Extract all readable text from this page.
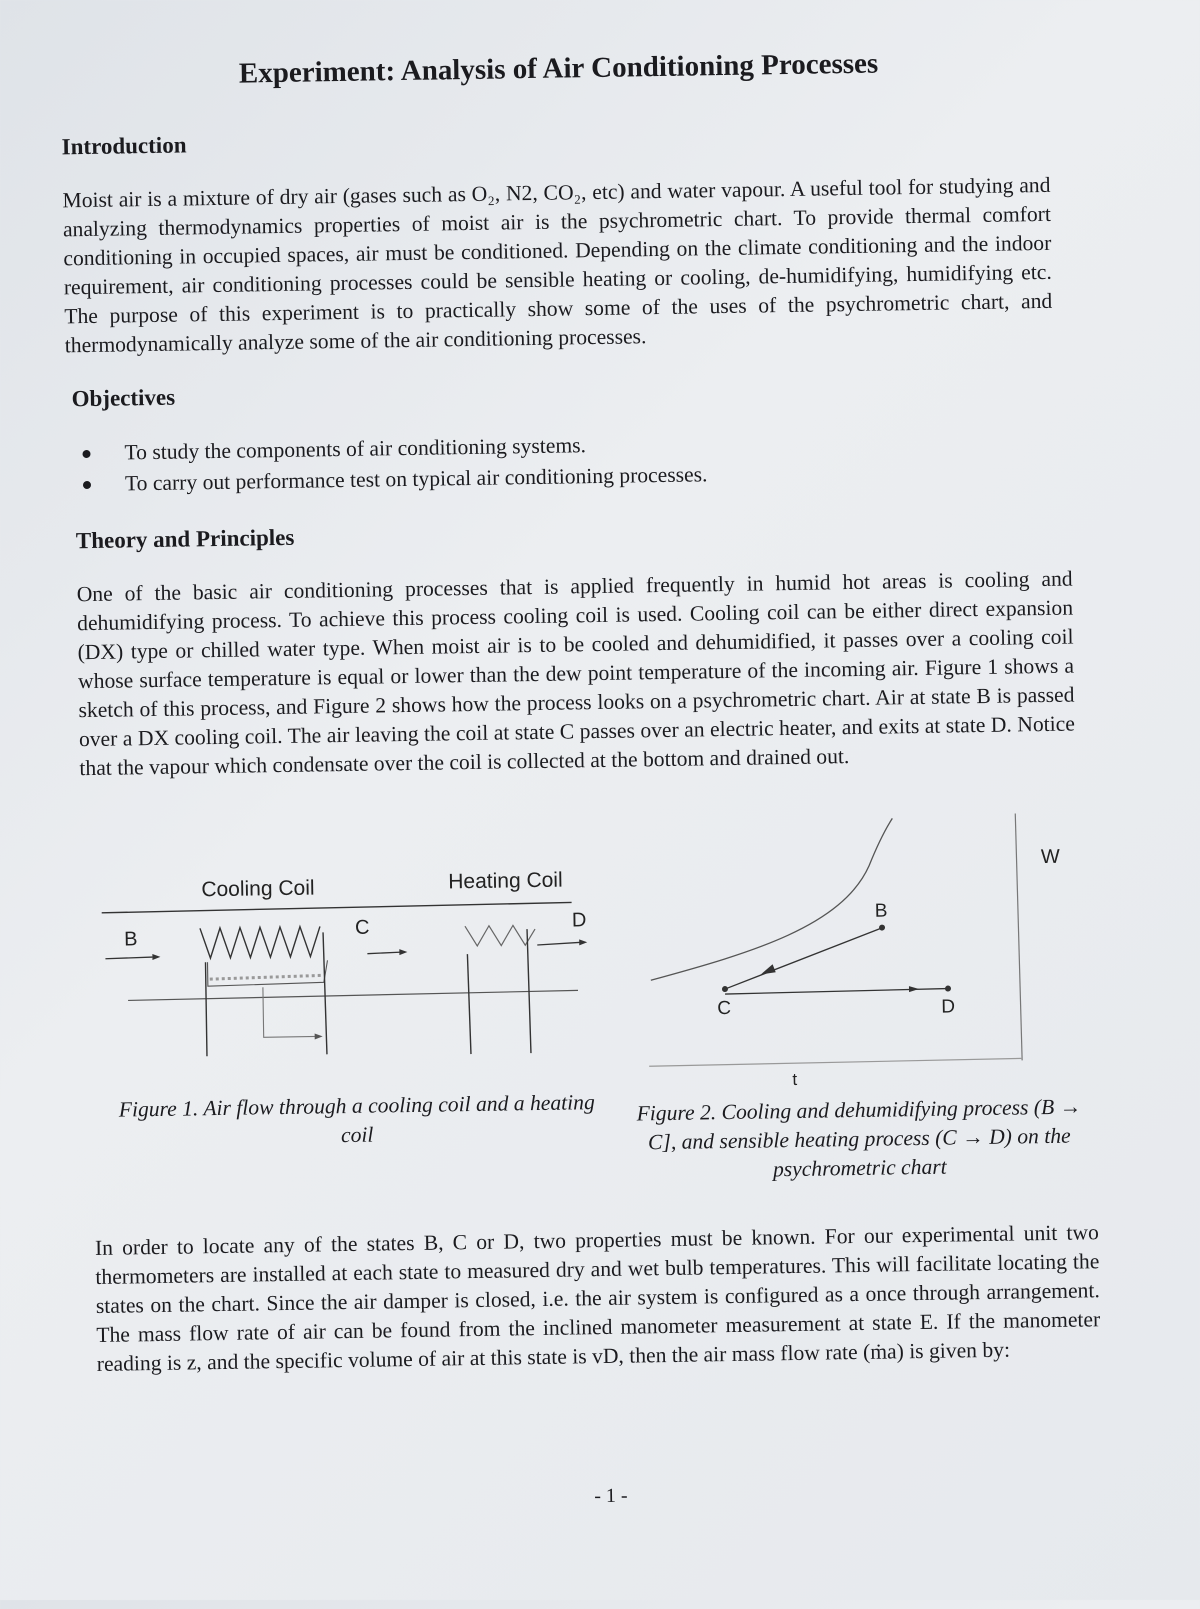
Experiment: Analysis of Air Conditioning Processes
Introduction

Moist air is a mixture of dry air (gases such as O₂, N2, CO₂, etc) and water vapour. A useful tool for studying and analyzing thermodynamics properties of moist air is the psychrometric chart. To provide thermal comfort conditioning in occupied spaces, air must be conditioned. Depending on the climate conditioning and the indoor requirement, air conditioning processes could be sensible heating or cooling, de-humidifying, humidifying etc. The purpose of this experiment is to practically show some of the uses of the psychrometric chart, and thermodynamically analyze some of the air conditioning processes.

Objectives
To study the components of air conditioning systems.
To carry out performance test on typical air conditioning processes.
Theory and Principles

One of the basic air conditioning processes that is applied frequently in humid hot areas is cooling and dehumidifying process. To achieve this process cooling coil is used. Cooling coil can be either direct expansion (DX) type or chilled water type. When moist air is to be cooled and dehumidified, it passes over a cooling coil whose surface temperature is equal or lower than the dew point temperature of the incoming air. Figure 1 shows a sketch of this process, and Figure 2 shows how the process looks on a psychrometric chart. Air at state B is passed over a DX cooling coil. The air leaving the coil at state C passes over an electric heater, and exits at state D. Notice that the vapour which condensate over the coil is collected at the bottom and drained out.

Cooling Coil	Heating Coil
B
C	D

Figure 1. Air flow through a cooling coil and a heating coil

W
t
B
C	D

Figure 2. Cooling and dehumidifying process (B → C], and sensible heating process (C → D) on the psychrometric chart

In order to locate any of the states B, C or D, two properties must be known. For our experimental unit two thermometers are installed at each state to measured dry and wet bulb temperatures. This will facilitate locating the states on the chart. Since the air damper is closed, i.e. the air system is configured as a once through arrangement. The mass flow rate of air can be found from the inclined manometer measurement at state E. If the manometer reading is z, and the specific volume of air at this state is vD, then the air mass flow rate (ṁa) is given by:

- 1 -
